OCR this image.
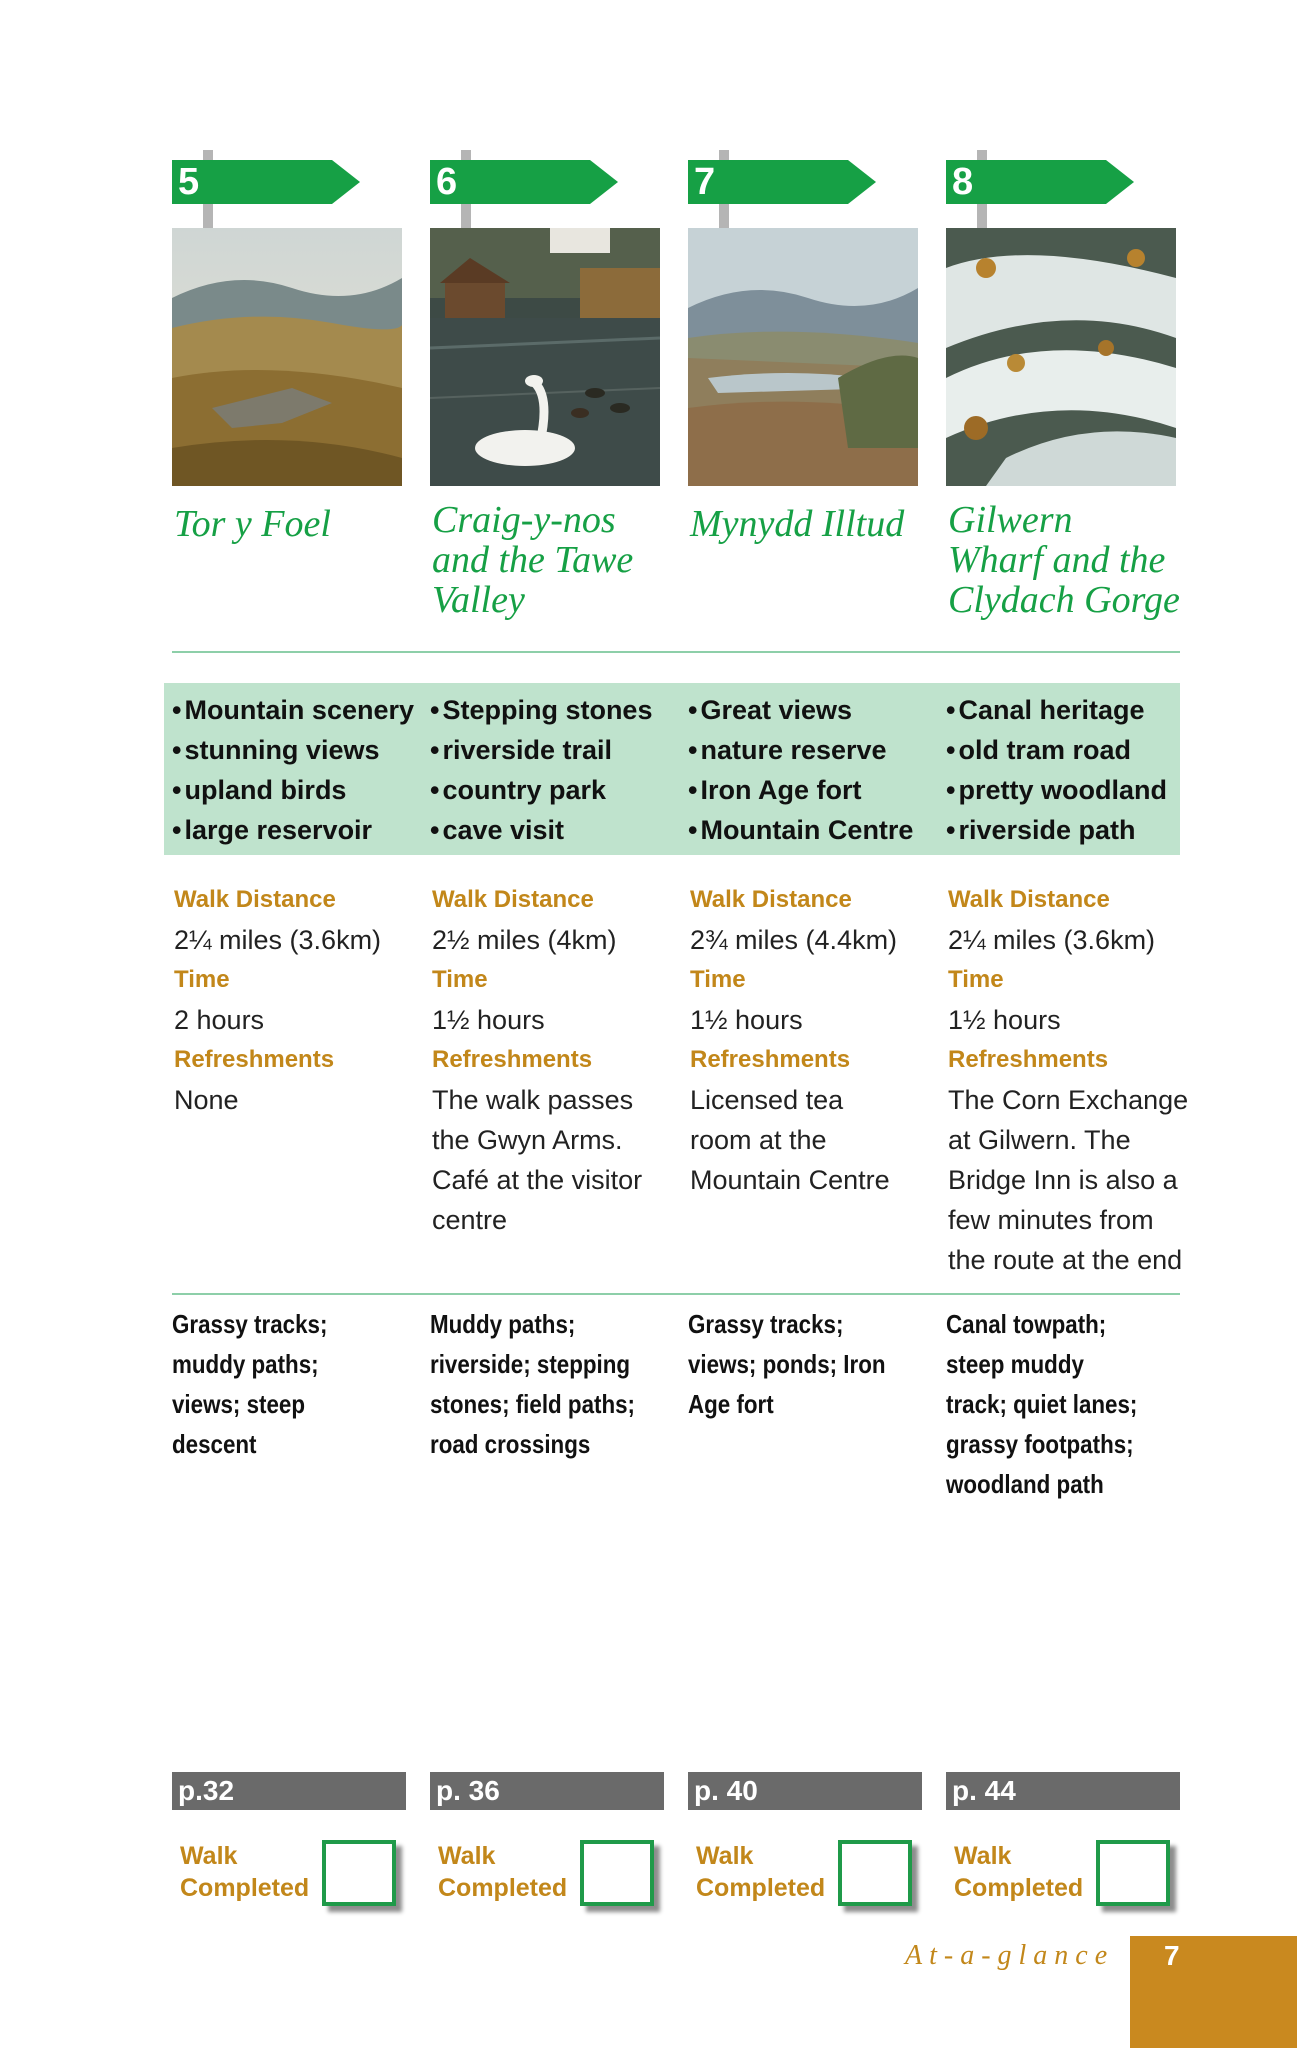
5
Tor y Foel
• Mountain scenery
• stunning views
• upland birds
• large reservoir
Walk Distance
2¼ miles (3.6km)
Time
2 hours
Refreshments
None
Grassy tracks;
muddy paths;
views; steep
descent
p.32
Walk
Completed
6
Craig-y-nos
and the Tawe
Valley
• Stepping stones
• riverside trail
• country park
• cave visit
Walk Distance
2½ miles (4km)
Time
1½ hours
Refreshments
The walk passes
the Gwyn Arms.
Café at the visitor
centre
Muddy paths;
riverside; stepping
stones; field paths;
road crossings
p. 36
Walk
Completed
7
Mynydd Illtud
• Great views
• nature reserve
• Iron Age fort
• Mountain Centre
Walk Distance
2¾ miles (4.4km)
Time
1½ hours
Refreshments
Licensed tea
room at the
Mountain Centre
Grassy tracks;
views; ponds; Iron
Age fort
p. 40
Walk
Completed
8
Gilwern
Wharf and the
Clydach Gorge
• Canal heritage
• old tram road
• pretty woodland
• riverside path
Walk Distance
2¼ miles (3.6km)
Time
1½ hours
Refreshments
The Corn Exchange
at Gilwern. The
Bridge Inn is also a
few minutes from
the route at the end
Canal towpath;
steep muddy
track; quiet lanes;
grassy footpaths;
woodland path
p. 44
Walk
Completed
At-a-glance 7
